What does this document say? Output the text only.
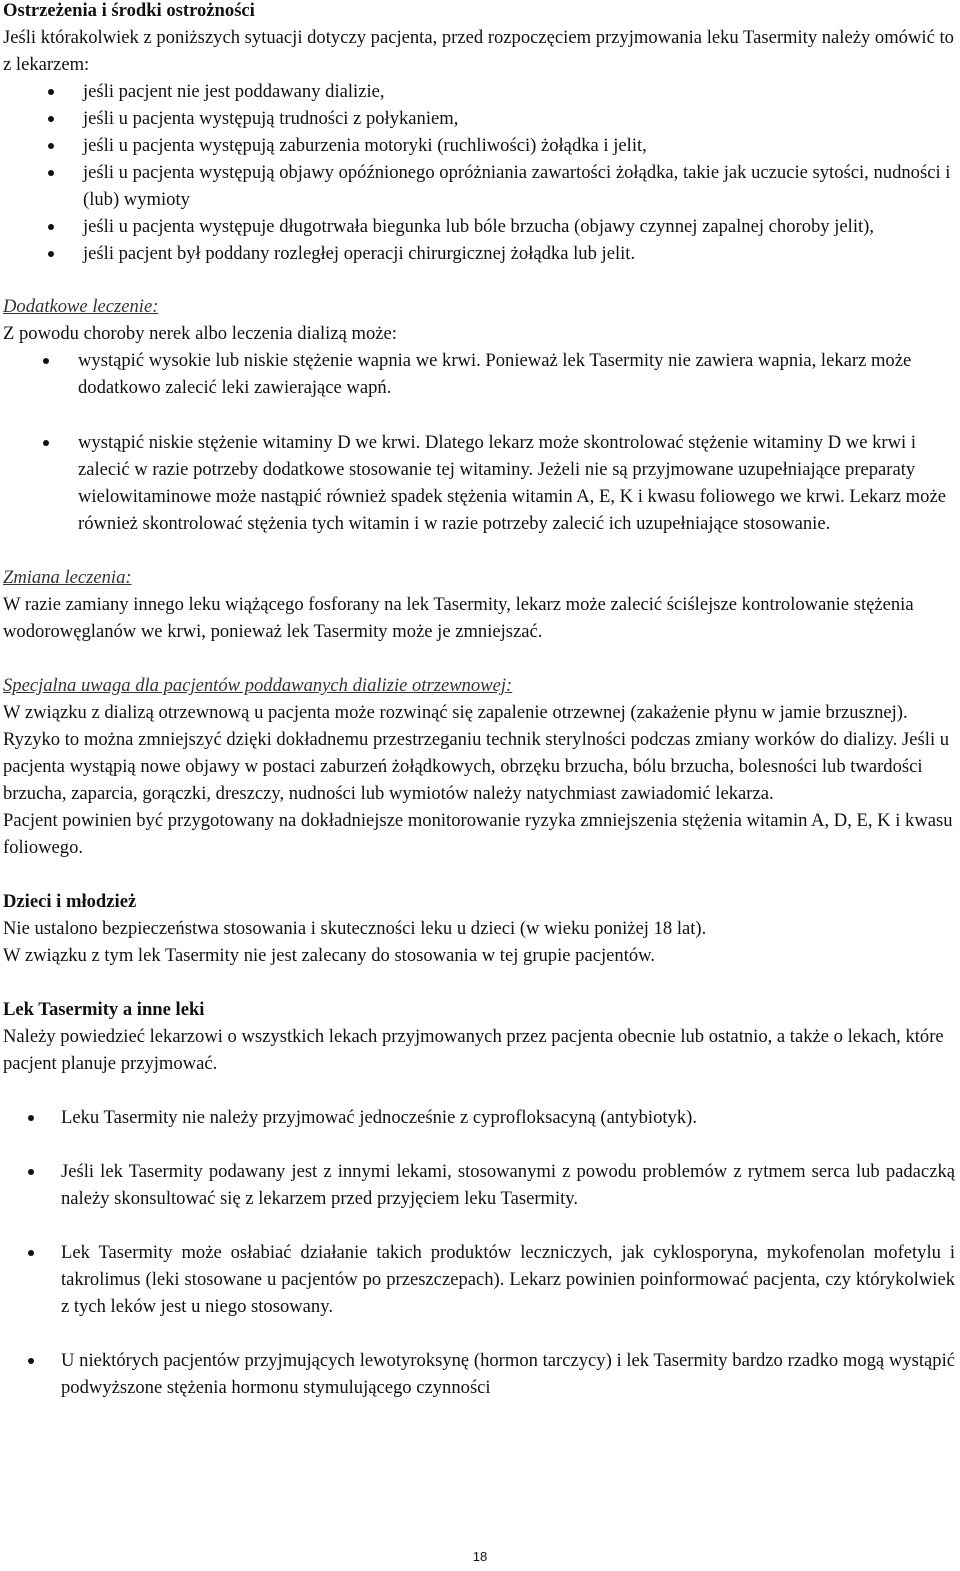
Ostrzeżenia i środki ostrożności

Jeśli którakolwiek z poniższych sytuacji dotyczy pacjenta, przed rozpoczęciem przyjmowania leku Tasermity należy omówić to z lekarzem:

jeśli pacjent nie jest poddawany dializie,
jeśli u pacjenta występują trudności z połykaniem,
jeśli u pacjenta występują zaburzenia motoryki (ruchliwości) żołądka i jelit,
jeśli u pacjenta występują objawy opóźnionego opróżniania zawartości żołądka, takie jak uczucie sytości, nudności i (lub) wymioty
jeśli u pacjenta występuje długotrwała biegunka lub bóle brzucha (objawy czynnej zapalnej choroby jelit),
jeśli pacjent był poddany rozległej operacji chirurgicznej żołądka lub jelit.

Dodatkowe leczenie:

Z powodu choroby nerek albo leczenia dializą może:

wystąpić wysokie lub niskie stężenie wapnia we krwi. Ponieważ lek Tasermity nie zawiera wapnia, lekarz może dodatkowo zalecić leki zawierające wapń.
wystąpić niskie stężenie witaminy D we krwi. Dlatego lekarz może skontrolować stężenie witaminy D we krwi i zalecić w razie potrzeby dodatkowe stosowanie tej witaminy. Jeżeli nie są przyjmowane uzupełniające preparaty wielowitaminowe może nastąpić również spadek stężenia witamin A, E, K i kwasu foliowego we krwi. Lekarz może również skontrolować stężenia tych witamin i w razie potrzeby zalecić ich uzupełniające stosowanie.

Zmiana leczenia:

W razie zamiany innego leku wiążącego fosforany na lek Tasermity, lekarz może zalecić ściślejsze kontrolowanie stężenia wodorowęglanów we krwi, ponieważ lek Tasermity może je zmniejszać.

Specjalna uwaga dla pacjentów poddawanych dializie otrzewnowej:

W związku z dializą otrzewnową u pacjenta może rozwinąć się zapalenie otrzewnej (zakażenie płynu w jamie brzusznej). Ryzyko to można zmniejszyć dzięki dokładnemu przestrzeganiu technik sterylności podczas zmiany worków do dializy. Jeśli u pacjenta wystąpią nowe objawy w postaci zaburzeń żołądkowych, obrzęku brzucha, bólu brzucha, bolesności lub twardości brzucha, zaparcia, gorączki, dreszczy, nudności lub wymiotów należy natychmiast zawiadomić lekarza.

Pacjent powinien być przygotowany na dokładniejsze monitorowanie ryzyka zmniejszenia stężenia witamin A, D, E, K i kwasu foliowego.

Dzieci i młodzież

Nie ustalono bezpieczeństwa stosowania i skuteczności leku u dzieci (w wieku poniżej 18 lat).

W związku z tym lek Tasermity nie jest zalecany do stosowania w tej grupie pacjentów.

Lek Tasermity a inne leki

Należy powiedzieć lekarzowi o wszystkich lekach przyjmowanych przez pacjenta obecnie lub ostatnio, a także o lekach, które pacjent planuje przyjmować.

Leku Tasermity nie należy przyjmować jednocześnie z cyprofloksacyną (antybiotyk).
Jeśli lek Tasermity podawany jest z innymi lekami, stosowanymi z powodu problemów z rytmem serca lub padaczką należy skonsultować się z lekarzem przed przyjęciem leku Tasermity.
Lek Tasermity może osłabiać działanie takich produktów leczniczych, jak cyklosporyna, mykofenolan mofetylu i takrolimus (leki stosowane u pacjentów po przeszczepach). Lekarz powinien poinformować pacjenta, czy którykolwiek z tych leków jest u niego stosowany.
U niektórych pacjentów przyjmujących lewotyroksynę (hormon tarczycy) i lek Tasermity bardzo rzadko mogą wystąpić podwyższone stężenia hormonu stymulującego czynności
18
